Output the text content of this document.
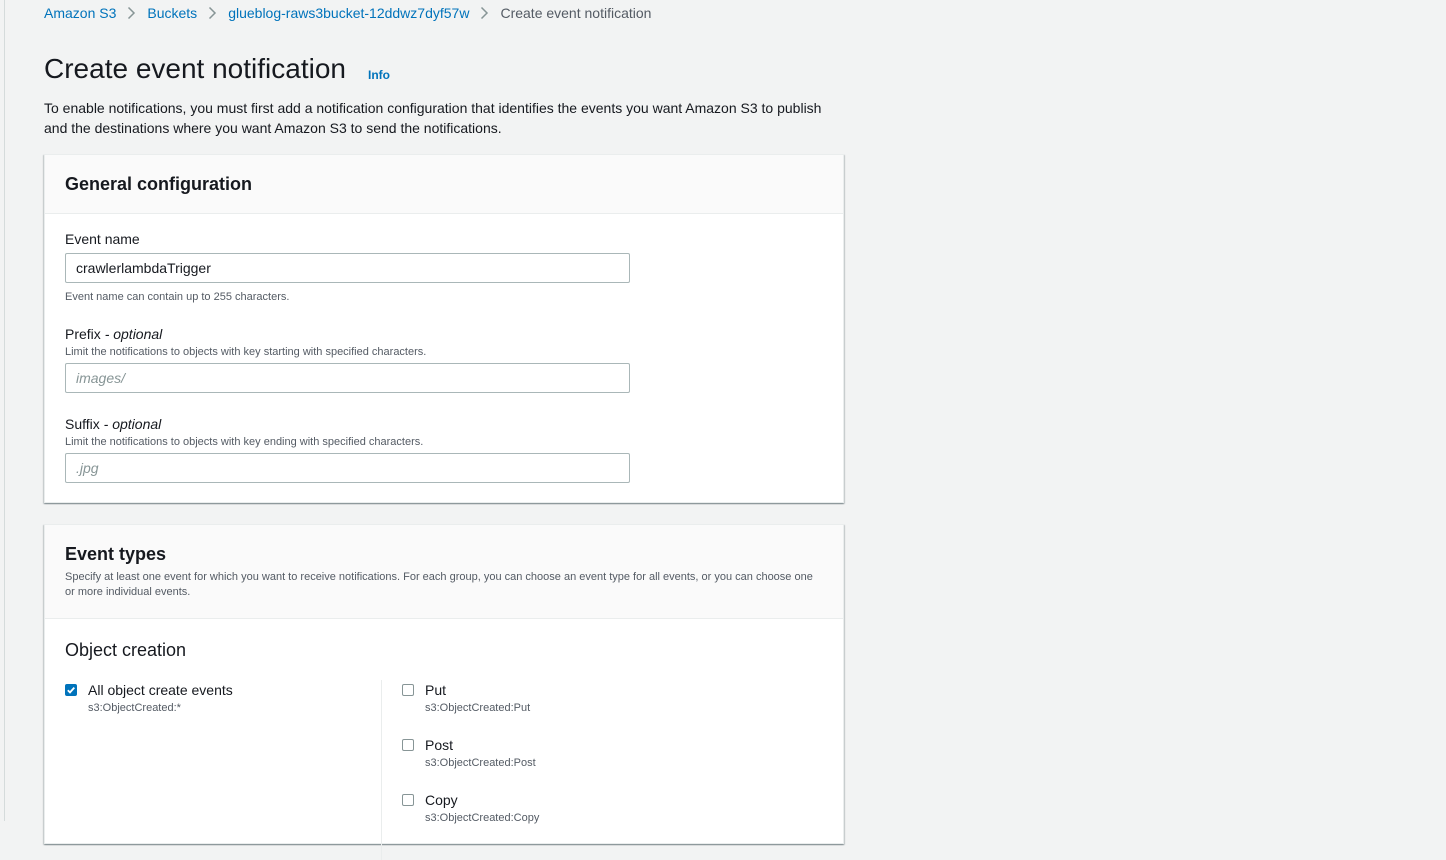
Amazon S3 Buckets glueblog-raws3bucket-12ddwz7dyf57w Create event notification
Create event notification Info

To enable notifications, you must first add a notification configuration that identifies the events you want Amazon S3 to publish and the destinations where you want Amazon S3 to send the notifications.

General configuration
Event name
crawlerlambdaTrigger
Event name can contain up to 255 characters.
Prefix - optional
Limit the notifications to objects with key starting with specified characters.
images/
Suffix - optional
Limit the notifications to objects with key ending with specified characters.
.jpg
Event types
Specify at least one event for which you want to receive notifications. For each group, you can choose an event type for all events, or you can choose one or more individual events.
Object creation
All object create events
s3:ObjectCreated:*
Put
s3:ObjectCreated:Put
Post
s3:ObjectCreated:Post
Copy
s3:ObjectCreated:Copy
